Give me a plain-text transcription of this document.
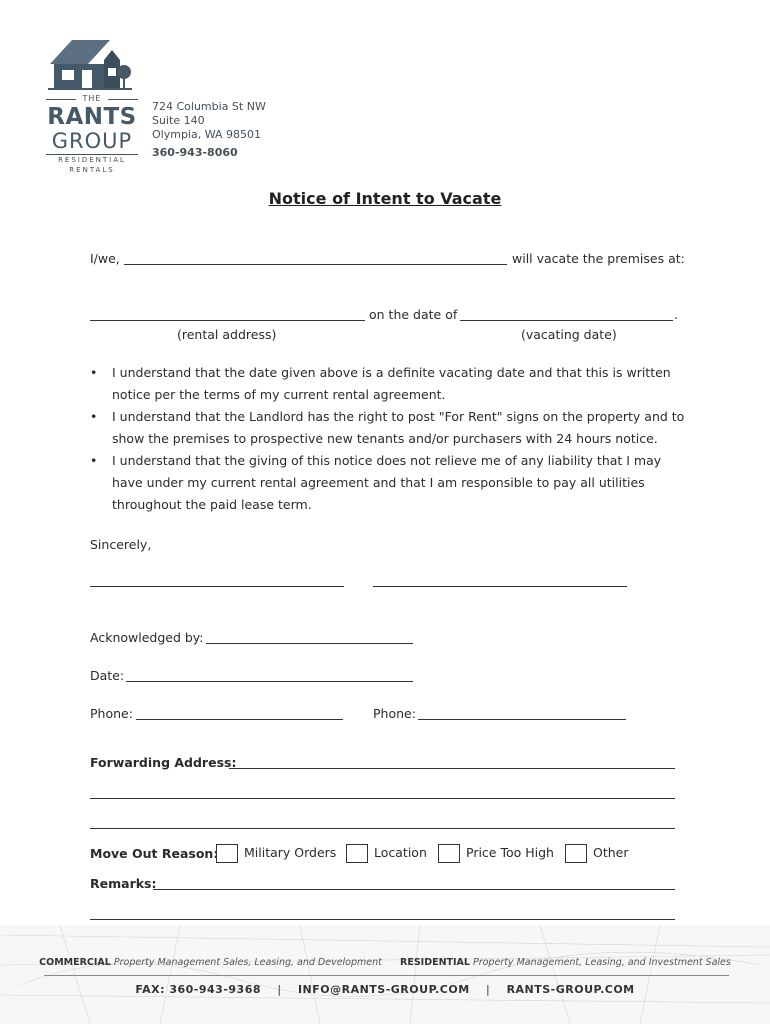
THE
RANTS
GROUP
RESIDENTIAL
RENTALS
724 Columbia St NW
Suite 140
Olympia, WA 98501
360-943-8060
Notice of Intent to Vacate
I/we,	will vacate the premises at:
on the date of	.
(rental address)	(vacating date)
• I understand that the date given above is a definite vacating date and that this is written notice per the terms of my current rental agreement.
• I understand that the Landlord has the right to post "For Rent" signs on the property and to show the premises to prospective new tenants and/or purchasers with 24 hours notice.
• I understand that the giving of this notice does not relieve me of any liability that I may have under my current rental agreement and that I am responsible to pay all utilities throughout the paid lease term.
Sincerely,
Acknowledged by:
Date:
Phone:	Phone:
Forwarding Address:
Move Out Reason:	Military Orders	Location	Price Too High	Other
Remarks:
COMMERCIAL Property Management Sales, Leasing, and Development RESIDENTIAL Property Management, Leasing, and Investment Sales
FAX: 360-943-9368 | INFO@RANTS-GROUP.COM | RANTS-GROUP.COM
